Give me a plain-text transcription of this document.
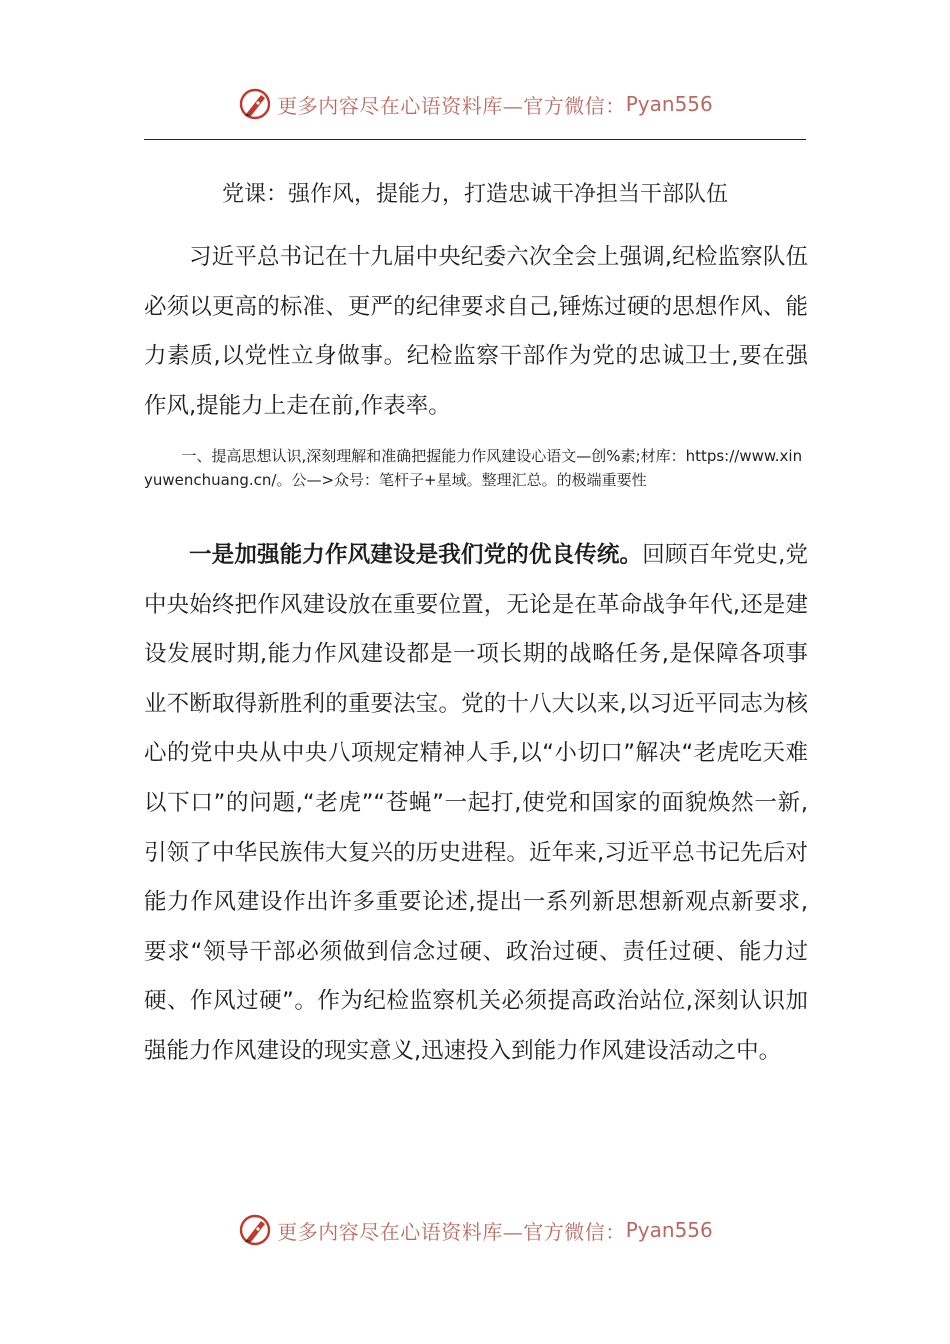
更多内容尽在心语资料库—官方微信： Pyan556
党课：强作风，提能力，打造忠诚干净担当干部队伍

习近平总书记在十九届中央纪委六次全会上强调,纪检监察队伍必须以更高的标准、更严的纪律要求自己,锤炼过硬的思想作风、能力素质,以党性立身做事。纪检监察干部作为党的忠诚卫士,要在强作风,提能力上走在前,作表率。

一、提高思想认识,深刻理解和准确把握能力作风建设心语文—创%素;材库：https://www.xinyuwenchuang.cn/。公—>众号：笔杆子+星域。整理汇总。的极端重要性

一是加强能力作风建设是我们党的优良传统。回顾百年党史,党中央始终把作风建设放在重要位置，无论是在革命战争年代,还是建设发展时期,能力作风建设都是一项长期的战略任务,是保障各项事业不断取得新胜利的重要法宝。党的十八大以来,以习近平同志为核心的党中央从中央八项规定精神人手,以“小切口”解决“老虎吃天难以下口”的问题,“老虎”“苍蝇”一起打,使党和国家的面貌焕然一新,引领了中华民族伟大复兴的历史进程。近年来,习近平总书记先后对能力作风建设作出许多重要论述,提出一系列新思想新观点新要求,要求“领导干部必须做到信念过硬、政治过硬、责任过硬、能力过硬、作风过硬”。作为纪检监察机关必须提高政治站位,深刻认识加强能力作风建设的现实意义,迅速投入到能力作风建设活动之中。

更多内容尽在心语资料库—官方微信： Pyan556
